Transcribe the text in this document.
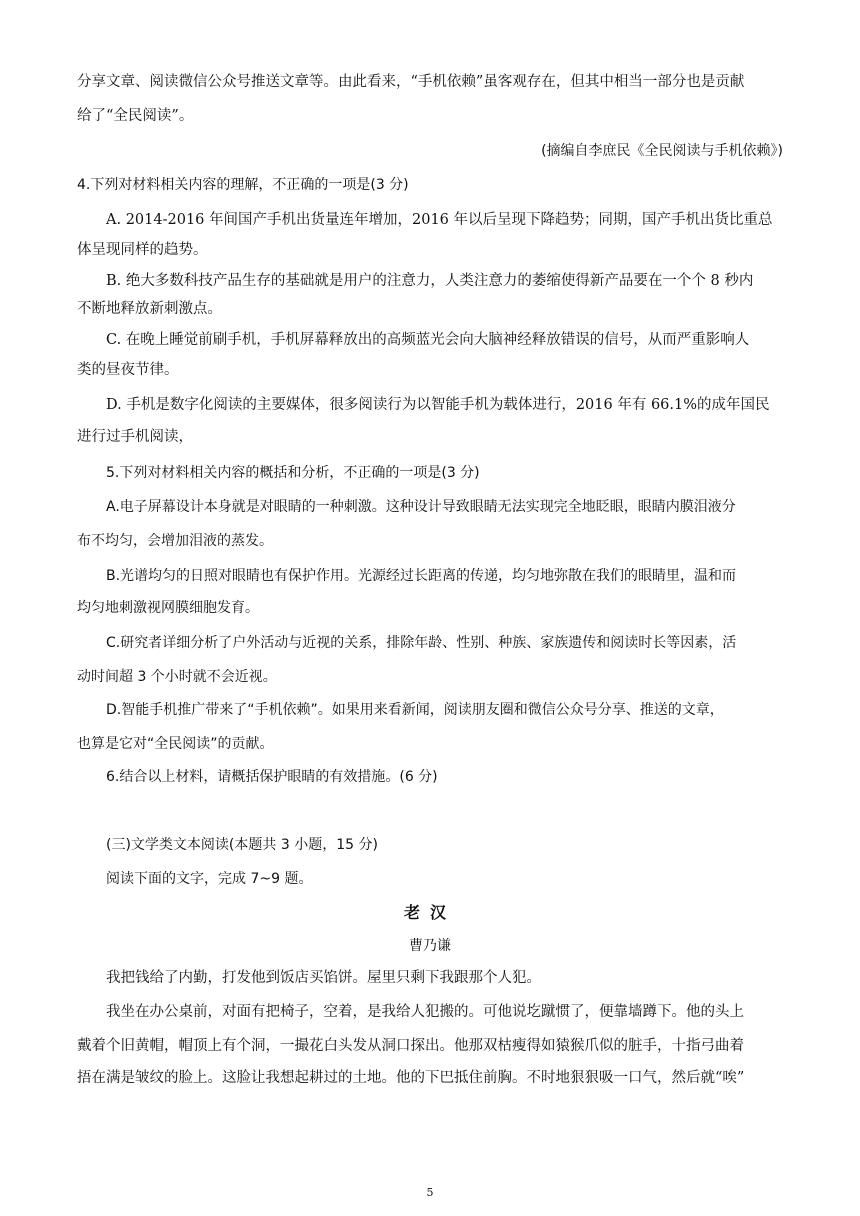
分享文章、阅读微信公众号推送文章等。由此看来，“手机依赖”虽客观存在，但其中相当一部分也是贡献
给了“全民阅读”。
(摘编自李庶民《全民阅读与手机依赖》)
4.下列对材料相关内容的理解，不正确的一项是(3 分)
A. 2014-2016 年间国产手机出货量连年增加，2016 年以后呈现下降趋势；同期，国产手机出货比重总
体呈现同样的趋势。
B. 绝大多数科技产品生存的基础就是用户的注意力，人类注意力的萎缩使得新产品要在一个个 8 秒内
不断地释放新刺激点。
C. 在晚上睡觉前刷手机，手机屏幕释放出的高频蓝光会向大脑神经释放错误的信号，从而严重影响人
类的昼夜节律。
D. 手机是数字化阅读的主要媒体，很多阅读行为以智能手机为载体进行，2016 年有 66.1%的成年国民
进行过手机阅读，
5.下列对材料相关内容的概括和分析，不正确的一项是(3 分)
A.电子屏幕设计本身就是对眼睛的一种刺激。这种设计导致眼睛无法实现完全地眨眼，眼睛内膜泪液分
布不均匀，会增加泪液的蒸发。
B.光谱均匀的日照对眼睛也有保护作用。光源经过长距离的传递，均匀地弥散在我们的眼睛里，温和而
均匀地刺激视网膜细胞发育。
C.研究者详细分析了户外活动与近视的关系，排除年龄、性别、种族、家族遗传和阅读时长等因素，活
动时间超 3 个小时就不会近视。
D.智能手机推广带来了“手机依赖”。如果用来看新闻，阅读朋友圈和微信公众号分享、推送的文章，
也算是它对“全民阅读”的贡献。
6.结合以上材料，请概括保护眼睛的有效措施。(6 分)
(三)文学类文本阅读(本题共 3 小题，15 分)
阅读下面的文字，完成 7~9 题。
老汉
曹乃谦
我把钱给了内勤，打发他到饭店买馅饼。屋里只剩下我跟那个人犯。
我坐在办公桌前，对面有把椅子，空着，是我给人犯搬的。可他说圪蹴惯了，便靠墙蹲下。他的头上
戴着个旧黄帽，帽顶上有个洞，一撮花白头发从洞口探出。他那双枯瘦得如猿猴爪似的脏手，十指弓曲着
捂在满是皱纹的脸上。这脸让我想起耕过的土地。他的下巴抵住前胸。不时地狠狠吸一口气，然后就“唉”
5
